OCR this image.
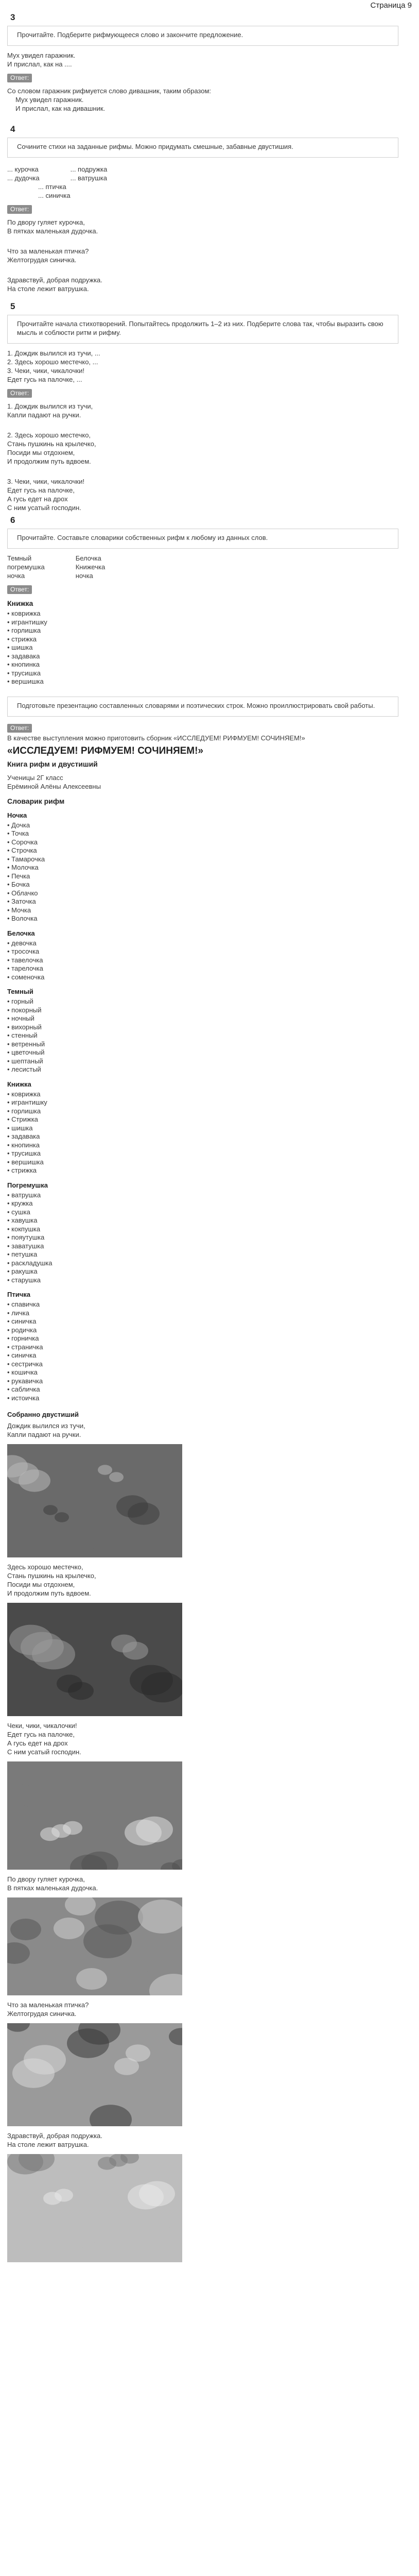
Страница 9
3

Прочитайте. Подберите рифмующееся слово и закончите предложение.

Мух увидел гаражник.

И прислал, как на ....

Ответ:

Со словом гаражник рифмуется слово дивашник, таким образом:

Мух увидел гаражник.

И прислал, как на дивашник.

4

Сочините стихи на заданные рифмы. Можно придумать смешные, забавные двустишия.

... курочка

... дудочка

... подружка

... ватрушка

... птичка

... синичка

Ответ:

По двору гуляет курочка,

В пятках маленькая дудочка.

Что за маленькая птичка?

Желтогрудая синичка.

Здравствуй, добрая подружка.

На столе лежит ватрушка.

5

Прочитайте начала стихотворений. Попытайтесь продолжить 1–2 из них. Подберите слова так, чтобы выразить свою мысль и соблюсти ритм и рифму.

1. Дождик вылился из тучи, ...

2. Здесь хорошо местечко, ...

3. Чеки, чики, чикалочки!

Едет гусь на палочке, ...

Ответ:

1. Дождик вылился из тучи,

Капли падают на ручки.

2. Здесь хорошо местечко,

Стань пушкинь на крылечко,

Посиди мы отдохнем,

И продолжим путь вдвоем.

3. Чеки, чики, чикалочки!

Едет гусь на палочке,

А гусь едет на дрох

С ним усатый господин.

6

Прочитайте. Составьте словарики собственных рифм к любому из данных слов.

Темный

погремушка

ночка

Белочка

Книжечка

ночка

Ответ:
Книжка
• коврижка
• игрантишку
• горлишка
• стрижка
• шишка
• задавака
• кнопинка
• трусишка
• вершишка

Подготовьте презентацию составленных словарями и поэтических строк. Можно проиллюстрировать свой работы.

Ответ:

В качестве выступления можно приготовить сборник «ИССЛЕДУЕМ! РИФМУЕМ! СОЧИНЯЕМ!»

«ИССЛЕДУЕМ! РИФМУЕМ! СОЧИНЯЕМ!»
Книга рифм и двустиший

Ученицы 2Г класс

Ерёминой Алёны Алексеевны

Словарик рифм
Ночка
• Дочка
• Точка
• Сорочка
• Строчка
• Тамарочка
• Молочка
• Печка
• Бочка
• Облачко
• Заточка
• Мочка
• Волочка
Белочка
• девочка
• тросочка
• тавелочка
• тарелочка
• соменочка
Темный
• горный
• покорный
• ночный
• вихорный
• стенный
• ветренный
• цветочный
• шептаный
• лесистый
Книжка
• коврижка
• игрантишку
• горлишка
• Стрижка
• шишка
• задавака
• кнопинка
• трусишка
• вершишка
• стрижка
Погремушка
• ватрушка
• кружка
• сушка
• хавушка
• кокпушка
• пояутушка
• заватушка
• петушка
• раскладушка
• ракушка
• старушка
Птичка
• спавичка
• личка
• синичка
• родичка
• горничка
• страничка
• синичка
• сестричка
• кошичка
• рукавичка
• сабличка
• истоичка
Собранно двустиший

Дождик вылился из тучи,

Капли падают на ручки.

Здесь хорошо местечко,

Стань пушкинь на крылечко,

Посиди мы отдохнем,

И продолжим путь вдвоем.

Чеки, чики, чикалочки!

Едет гусь на палочке,

А гусь едет на дрох

С ним усатый господин.

По двору гуляет курочка,

В пятках маленькая дудочка.

Что за маленькая птичка?

Желтогрудая синичка.

Здравствуй, добрая подружка.

На столе лежит ватрушка.
